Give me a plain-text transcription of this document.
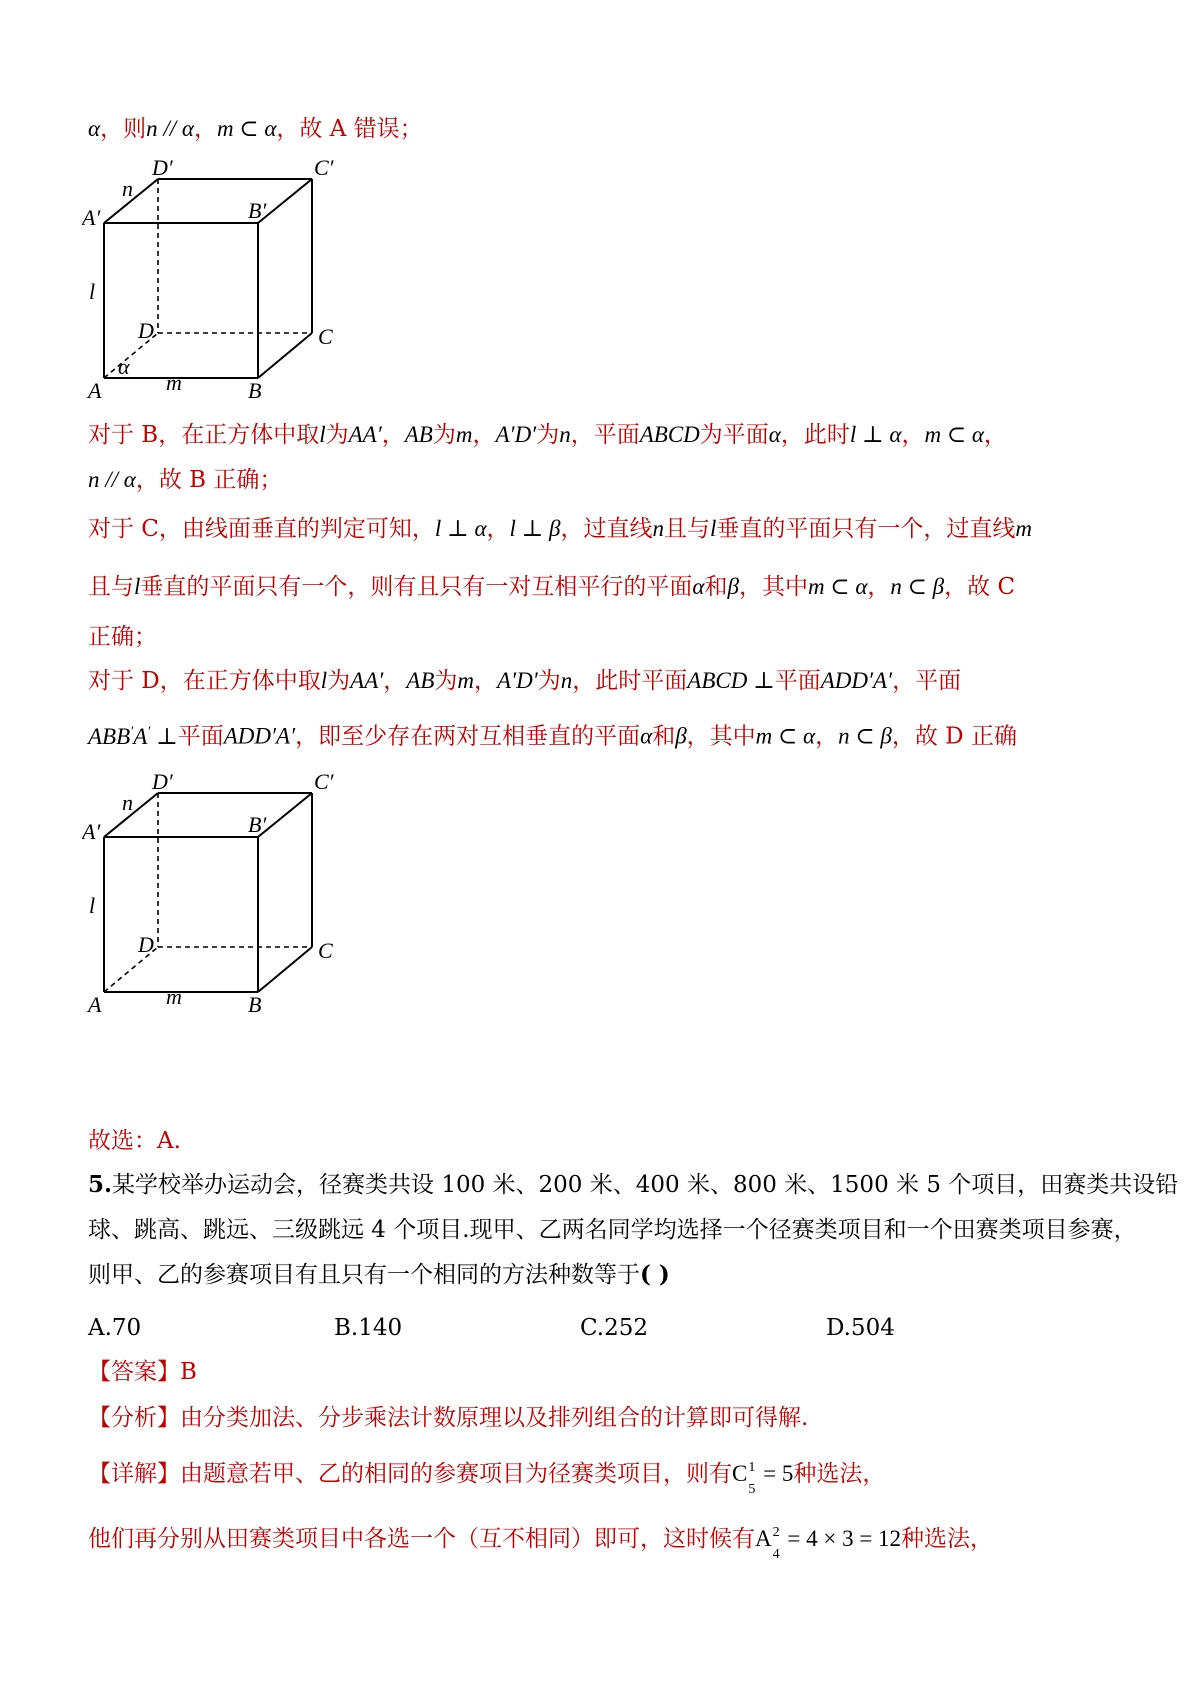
α，则n // α，m ⊂ α，故 A 错误；
D′	C′
n
A′	B′
l
D	C
A
α
m	B
对于 B，在正方体中取l为AA′，AB为m，A′D′为n，平面ABCD为平面α，此时l ⊥ α，m ⊂ α，
n // α，故 B 正确；
对于 C，由线面垂直的判定可知，l ⊥ α，l ⊥ β，过直线n且与l垂直的平面只有一个，过直线m
且与l垂直的平面只有一个，则有且只有一对互相平行的平面α和β，其中m ⊂ α，n ⊂ β，故 C
正确；
对于 D，在正方体中取l为AA′，AB为m，A′D′为n，此时平面ABCD ⊥平面ADD′A′，平面
ABB′A′ ⊥平面ADD′A′，即至少存在两对互相垂直的平面α和β，其中m ⊂ α，n ⊂ β，故 D 正确
D′	C′
n
A′	B′
l
D	C
A	m	B
故选：A.
5.某学校举办运动会，径赛类共设 100 米、200 米、400 米、800 米、1500 米 5 个项目，田赛类共设铅
球、跳高、跳远、三级跳远 4 个项目.现甲、乙两名同学均选择一个径赛类项目和一个田赛类项目参赛，
则甲、乙的参赛项目有且只有一个相同的方法种数等于( )
A.70	B.140	C.252	D.504
【答案】B
【分析】由分类加法、分步乘法计数原理以及排列组合的计算即可得解.
【详解】由题意若甲、乙的相同的参赛项目为径赛类项目，则有C 1
5
= 5种选法，
他们再分别从田赛类项目中各选一个（互不相同）即可，这时候有A 2
4
= 4 × 3 = 12种选法，
